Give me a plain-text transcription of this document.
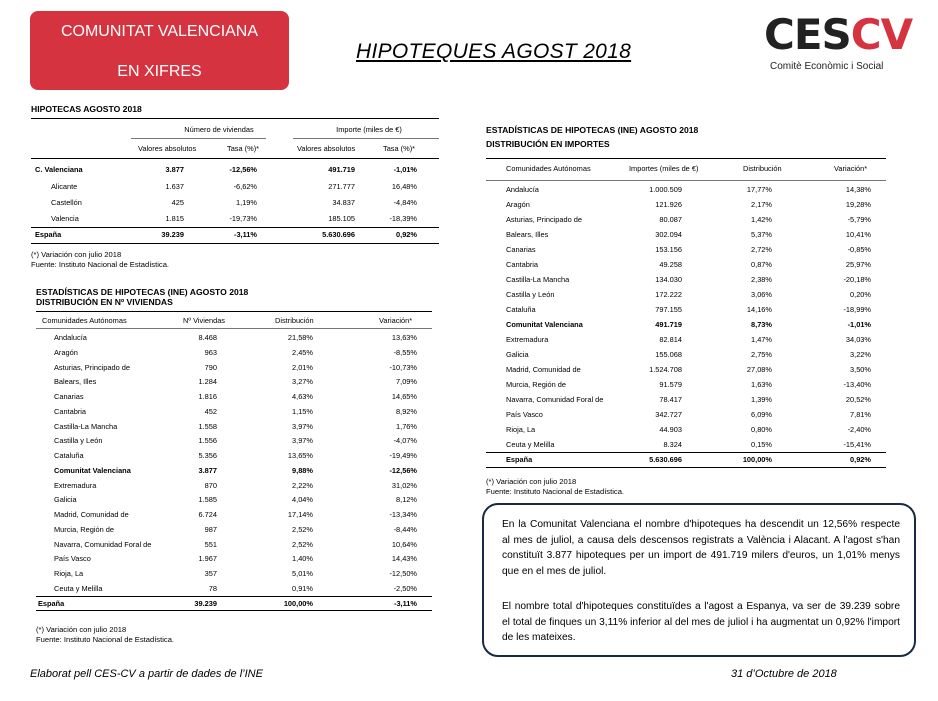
COMUNITAT VALENCIANA
EN XIFRES
HIPOTEQUES AGOST 2018	CESCV
Comitè Econòmic i Social
HIPOTECAS AGOSTO 2018
Número de viviendas	Importe (miles de €)
Valores absolutos	Tasa (%)*	Valores absolutos	Tasa (%)*
C. Valenciana	3.877	-12,56%	491.719	-1,01%
Alicante	1.637	-6,62%	271.777	16,48%
Castellón	425	1,19%	34.837	-4,84%
Valencia	1.815	-19,73%	185.105	-18,39%
España	39.239	-3,11%	5.630.696	0,92%
(*) Variación con julio 2018
Fuente: Instituto Nacional de Estadística.
ESTADÍSTICAS DE HIPOTECAS (INE) AGOSTO 2018
DISTRIBUCIÓN EN Nº VIVIENDAS
Comunidades Autónomas	Nº Viviendas	Distribución	Variación*
Andalucía	8.468	21,58%	13,63%
Aragón	963	2,45%	-8,55%
Asturias, Principado de	790	2,01%	-10,73%
Balears, Illes	1.284	3,27%	7,09%
Canarias	1.816	4,63%	14,65%
Cantabria	452	1,15%	8,92%
Castilla-La Mancha	1.558	3,97%	1,76%
Castilla y León	1.556	3,97%	-4,07%
Cataluña	5.356	13,65%	-19,49%
Comunitat Valenciana	3.877	9,88%	-12,56%
Extremadura	870	2,22%	31,02%
Galicia	1.585	4,04%	8,12%
Madrid, Comunidad de	6.724	17,14%	-13,34%
Murcia, Región de	987	2,52%	-8,44%
Navarra, Comunidad Foral de	551	2,52%	10,64%
País Vasco	1.967	1,40%	14,43%
Rioja, La	357	5,01%	-12,50%
Ceuta y Melilla	78	0,91%	-2,50%
España	39.239	100,00%	-3,11%
(*) Variación con julio 2018
Fuente: Instituto Nacional de Estadística.
ESTADÍSTICAS DE HIPOTECAS (INE) AGOSTO 2018
DISTRIBUCIÓN EN IMPORTES
Comunidades Autónomas	Importes (miles de €)	Distribución	Variación*
Andalucía	1.000.509	17,77%	14,38%
Aragón	121.926	2,17%	19,28%
Asturias, Principado de	80.087	1,42%	-5,79%
Balears, Illes	302.094	5,37%	10,41%
Canarias	153.156	2,72%	-0,85%
Cantabria	49.258	0,87%	25,97%
Castilla-La Mancha	134.030	2,38%	-20,18%
Castilla y León	172.222	3,06%	0,20%
Cataluña	797.155	14,16%	-18,99%
Comunitat Valenciana	491.719	8,73%	-1,01%
Extremadura	82.814	1,47%	34,03%
Galicia	155.068	2,75%	3,22%
Madrid, Comunidad de	1.524.708	27,08%	3,50%
Murcia, Región de	91.579	1,63%	-13,40%
Navarra, Comunidad Foral de	78.417	1,39%	20,52%
País Vasco	342.727	6,09%	7,81%
Rioja, La	44.903	0,80%	-2,40%
Ceuta y Melilla	8.324	0,15%	-15,41%
España	5.630.696	100,00%	0,92%
(*) Variación con julio 2018
Fuente: Instituto Nacional de Estadística.

En la Comunitat Valenciana el nombre d'hipoteques ha descendit un 12,56% respecte al mes de juliol, a causa dels descensos registrats a València i Alacant. A l'agost s'han constituït 3.877 hipoteques per un import de 491.719 milers d'euros, un 1,01% menys que en el mes de juliol.

El nombre total d'hipoteques constituïdes a l'agost a Espanya, va ser de 39.239 sobre el total de finques un 3,11% inferior al del mes de juliol i ha augmentat un 0,92% l'import de les mateixes.

Elaborat pell CES-CV a partir de dades de l’INE	31 d’Octubre de 2018
